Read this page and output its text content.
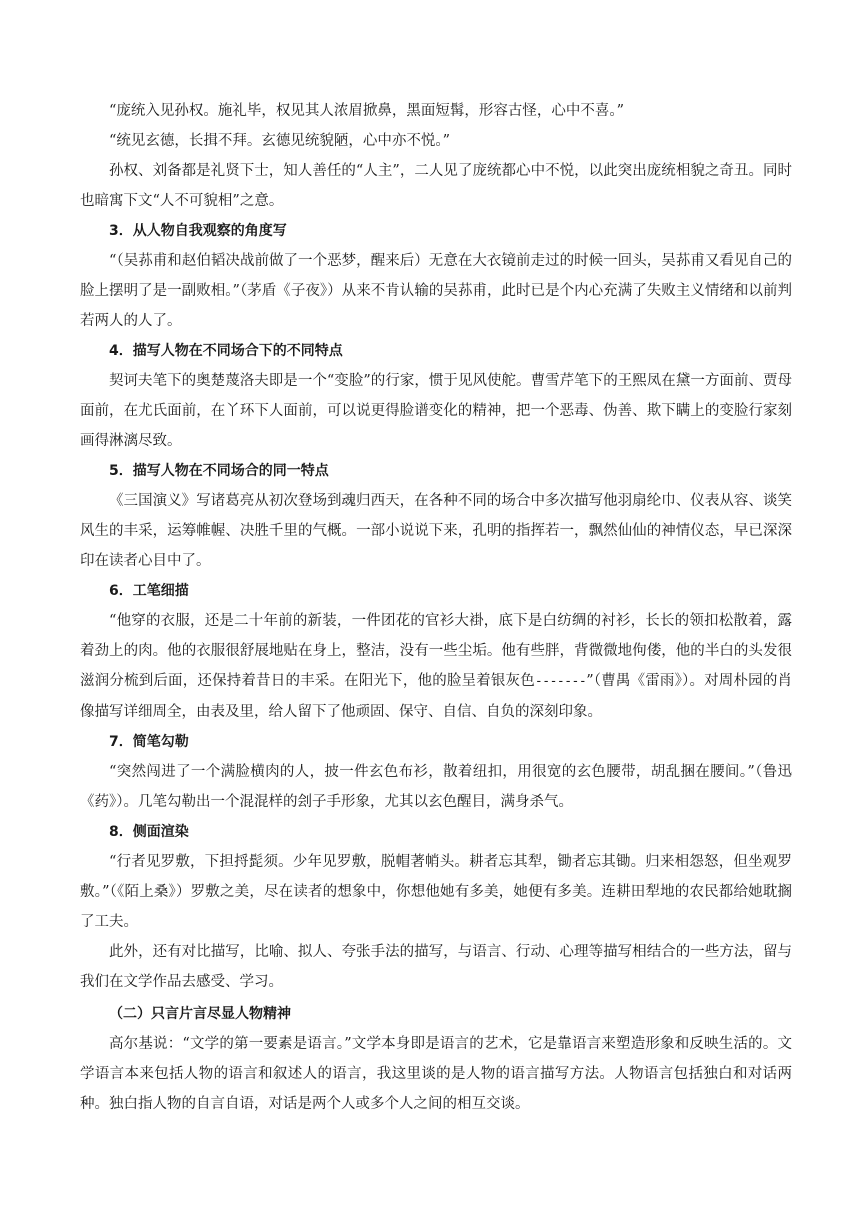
“庞统入见孙权。施礼毕，权见其人浓眉掀鼻，黑面短髯，形容古怪，心中不喜。”

“统见玄德，长揖不拜。玄德见统貌陋，心中亦不悦。”

孙权、刘备都是礼贤下士，知人善任的“人主”，二人见了庞统都心中不悦，以此突出庞统相貌之奇丑。同时也暗寓下文“人不可貌相”之意。

3．从人物自我观察的角度写

“（吴荪甫和赵伯韬决战前做了一个恶梦，醒来后）无意在大衣镜前走过的时候一回头，吴荪甫又看见自己的脸上摆明了是一副败相。”（茅盾《子夜》）从来不肯认输的吴荪甫，此时已是个内心充满了失败主义情绪和以前判若两人的人了。

4．描写人物在不同场合下的不同特点

契诃夫笔下的奥楚蔑洛夫即是一个“变脸”的行家，惯于见风使舵。曹雪芹笔下的王熙凤在黛一方面前、贾母面前，在尤氏面前，在丫环下人面前，可以说更得脸谱变化的精神，把一个恶毒、伪善、欺下瞒上的变脸行家刻画得淋漓尽致。

5．描写人物在不同场合的同一特点

《三国演义》写诸葛亮从初次登场到魂归西天，在各种不同的场合中多次描写他羽扇纶巾、仪表从容、谈笑风生的丰采，运筹帷幄、决胜千里的气概。一部小说说下来，孔明的指挥若一，飘然仙仙的神情仪态，早已深深印在读者心目中了。

6．工笔细描

“他穿的衣服，还是二十年前的新装，一件团花的官衫大褂，底下是白纺绸的衬衫，长长的领扣松散着，露着劲上的肉。他的衣服很舒展地贴在身上，整洁，没有一些尘垢。他有些胖，背微微地佝偻，他的半白的头发很滋润分梳到后面，还保持着昔日的丰采。在阳光下，他的脸呈着银灰色-------”（曹禺《雷雨》）。对周朴园的肖像描写详细周全，由表及里，给人留下了他顽固、保守、自信、自负的深刻印象。

7．简笔勾勒

“突然闯进了一个满脸横肉的人，披一件玄色布衫，散着纽扣，用很宽的玄色腰带，胡乱捆在腰间。”（鲁迅《药》）。几笔勾勒出一个混混样的刽子手形象，尤其以玄色醒目，满身杀气。

8．侧面渲染

“行者见罗敷，下担捋髭须。少年见罗敷，脱帽著帩头。耕者忘其犁，锄者忘其锄。归来相怨怒，但坐观罗敷。”（《陌上桑》）罗敷之美，尽在读者的想象中，你想他她有多美，她便有多美。连耕田犁地的农民都给她耽搁了工夫。

此外，还有对比描写，比喻、拟人、夸张手法的描写，与语言、行动、心理等描写相结合的一些方法，留与我们在文学作品去感受、学习。

（二）只言片言尽显人物精神

高尔基说：“文学的第一要素是语言。”文学本身即是语言的艺术，它是靠语言来塑造形象和反映生活的。文学语言本来包括人物的语言和叙述人的语言，我这里谈的是人物的语言描写方法。人物语言包括独白和对话两种。独白指人物的自言自语，对话是两个人或多个人之间的相互交谈。
